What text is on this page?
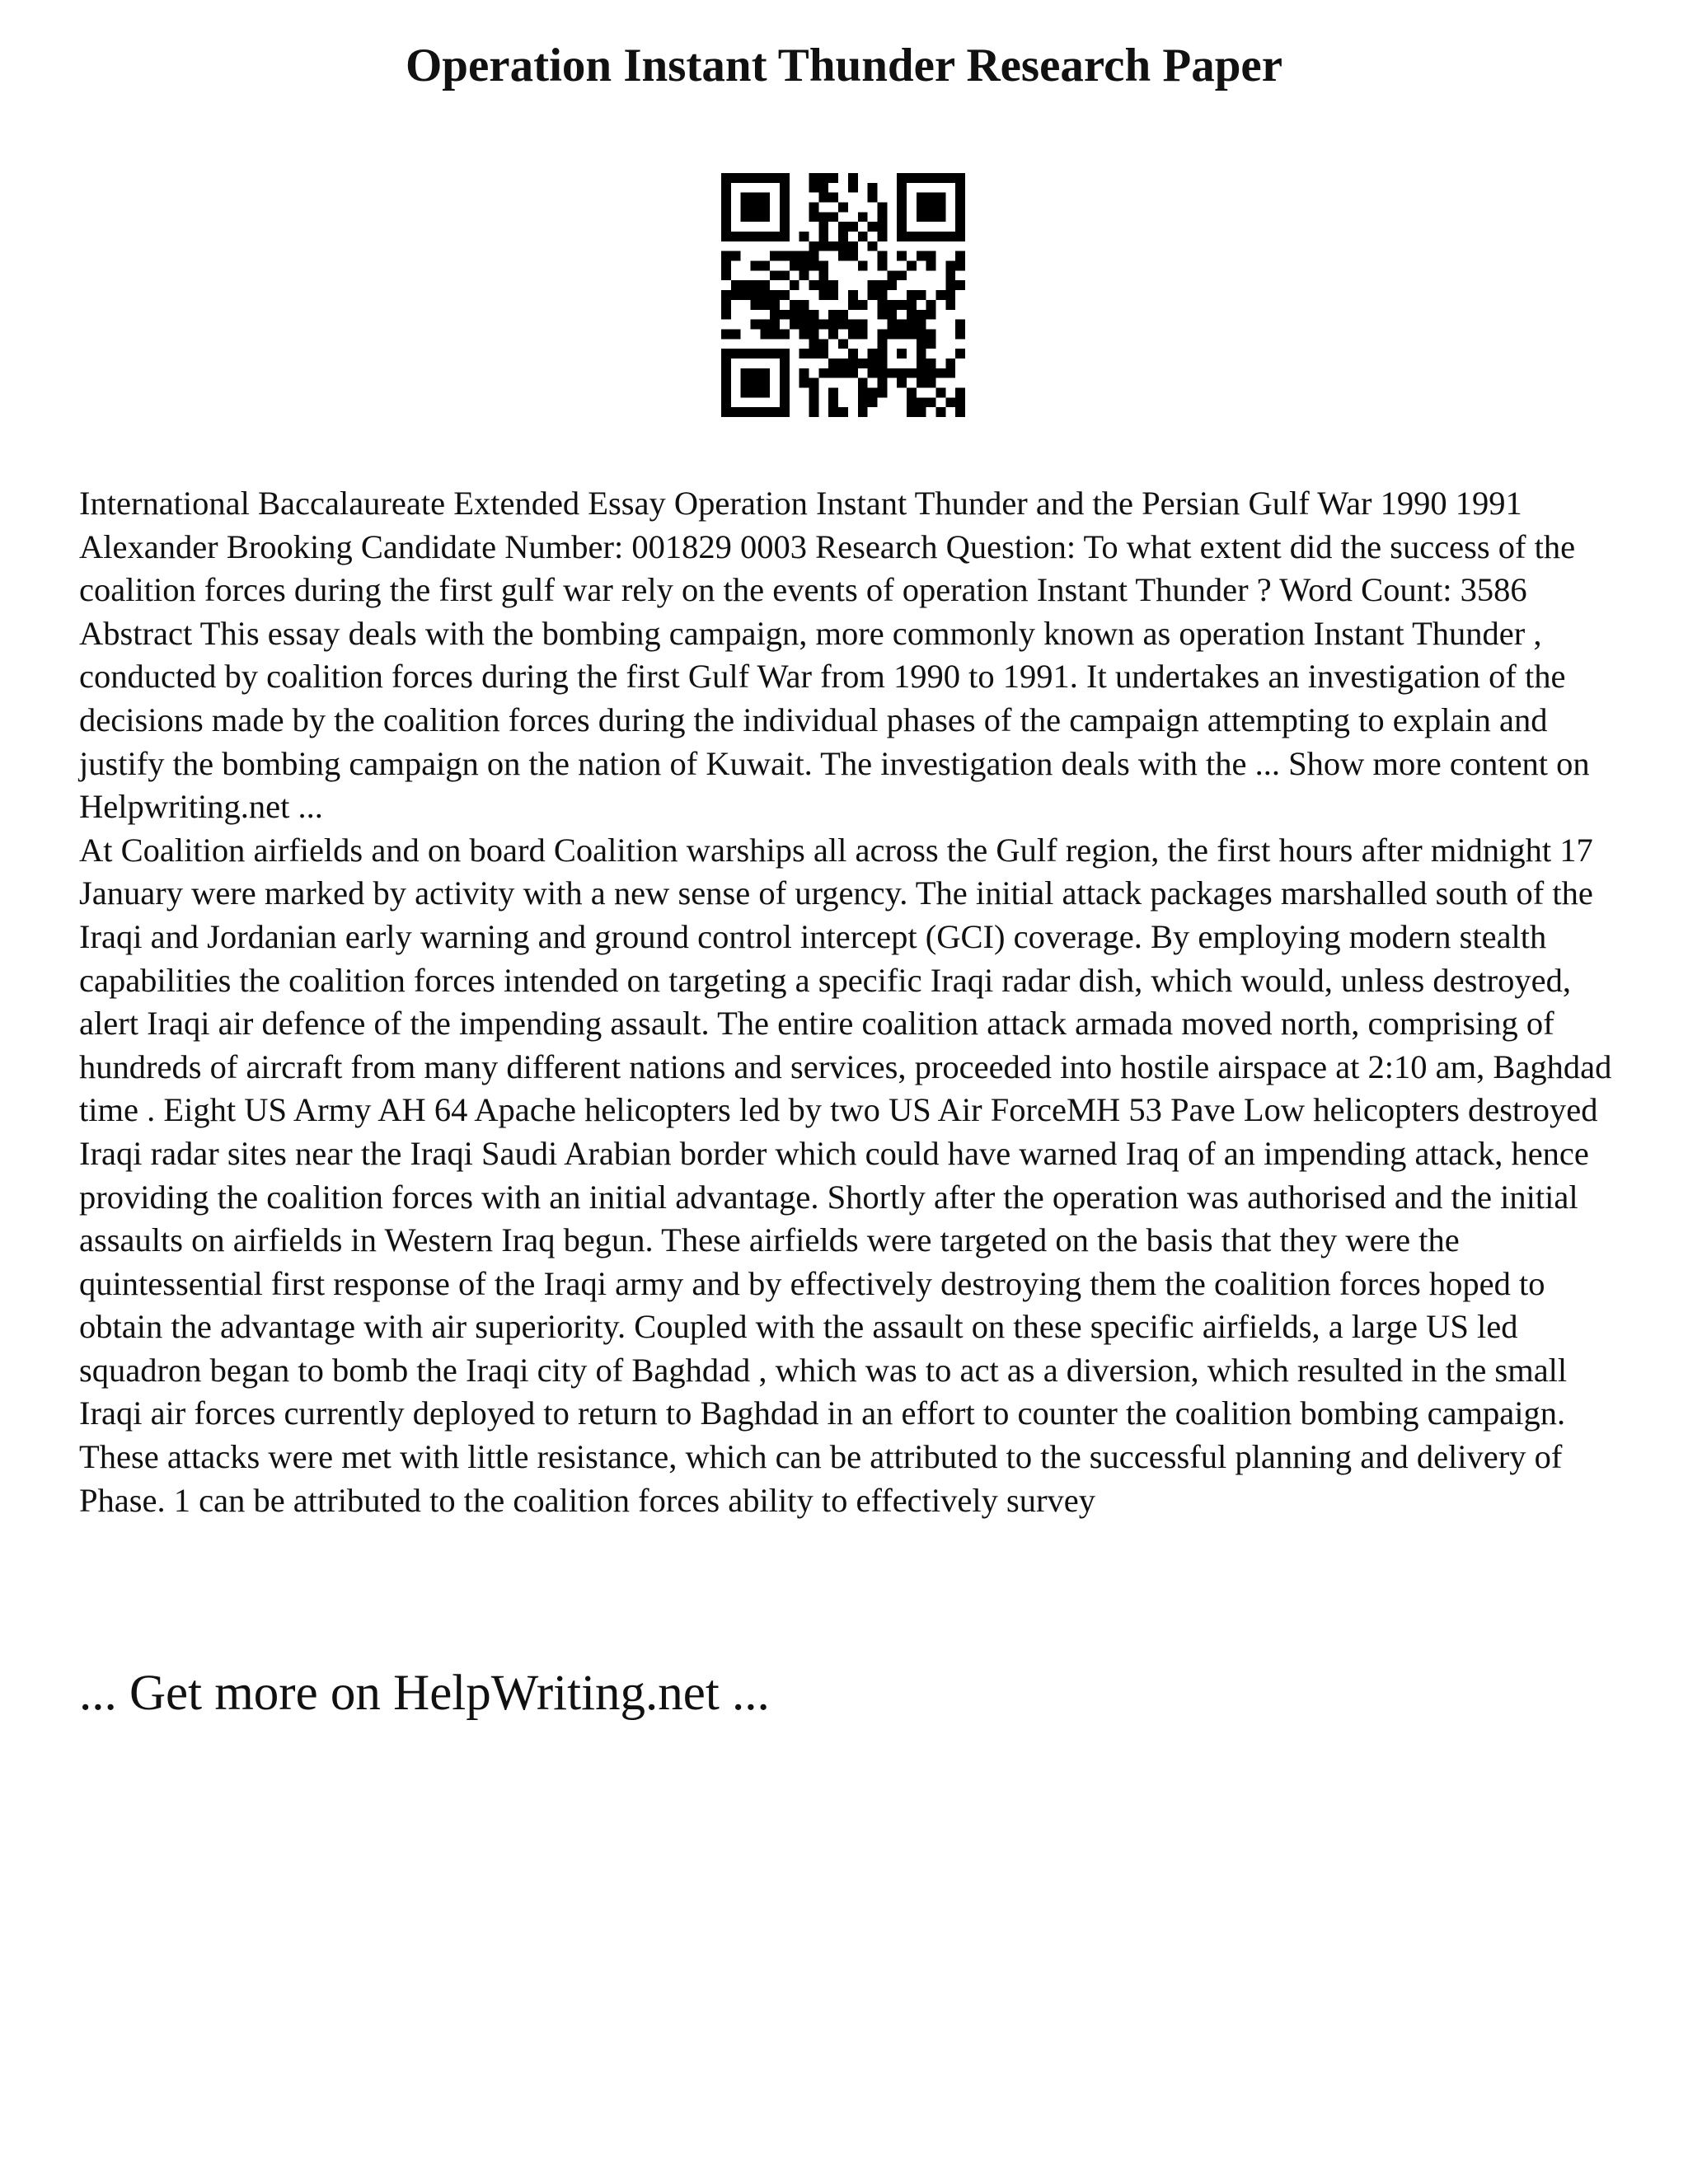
Operation Instant Thunder Research Paper

International Baccalaureate Extended Essay Operation Instant Thunder and the Persian Gulf War 1990 1991 Alexander Brooking Candidate Number: 001829 0003 Research Question: To what extent did the success of the coalition forces during the first gulf war rely on the events of operation Instant Thunder ? Word Count: 3586 Abstract This essay deals with the bombing campaign, more commonly known as operation Instant Thunder , conducted by coalition forces during the first Gulf War from 1990 to 1991. It undertakes an investigation of the decisions made by the coalition forces during the individual phases of the campaign attempting to explain and justify the bombing campaign on the nation of Kuwait. The investigation deals with the ... Show more content on Helpwriting.net ...

At Coalition airfields and on board Coalition warships all across the Gulf region, the first hours after midnight 17 January were marked by activity with a new sense of urgency. The initial attack packages marshalled south of the Iraqi and Jordanian early warning and ground control intercept (GCI) coverage. By employing modern stealth capabilities the coalition forces intended on targeting a specific Iraqi radar dish, which would, unless destroyed, alert Iraqi air defence of the impending assault. The entire coalition attack armada moved north, comprising of hundreds of aircraft from many different nations and services, proceeded into hostile airspace at 2:10 am, Baghdad time . Eight US Army AH 64 Apache helicopters led by two US Air ForceMH 53 Pave Low helicopters destroyed Iraqi radar sites near the Iraqi Saudi Arabian border which could have warned Iraq of an impending attack, hence providing the coalition forces with an initial advantage. Shortly after the operation was authorised and the initial assaults on airfields in Western Iraq begun. These airfields were targeted on the basis that they were the quintessential first response of the Iraqi army and by effectively destroying them the coalition forces hoped to obtain the advantage with air superiority. Coupled with the assault on these specific airfields, a large US led squadron began to bomb the Iraqi city of Baghdad , which was to act as a diversion, which resulted in the small Iraqi air forces currently deployed to return to Baghdad in an effort to counter the coalition bombing campaign. These attacks were met with little resistance, which can be attributed to the successful planning and delivery of Phase. 1 can be attributed to the coalition forces ability to effectively survey

... Get more on HelpWriting.net ...
